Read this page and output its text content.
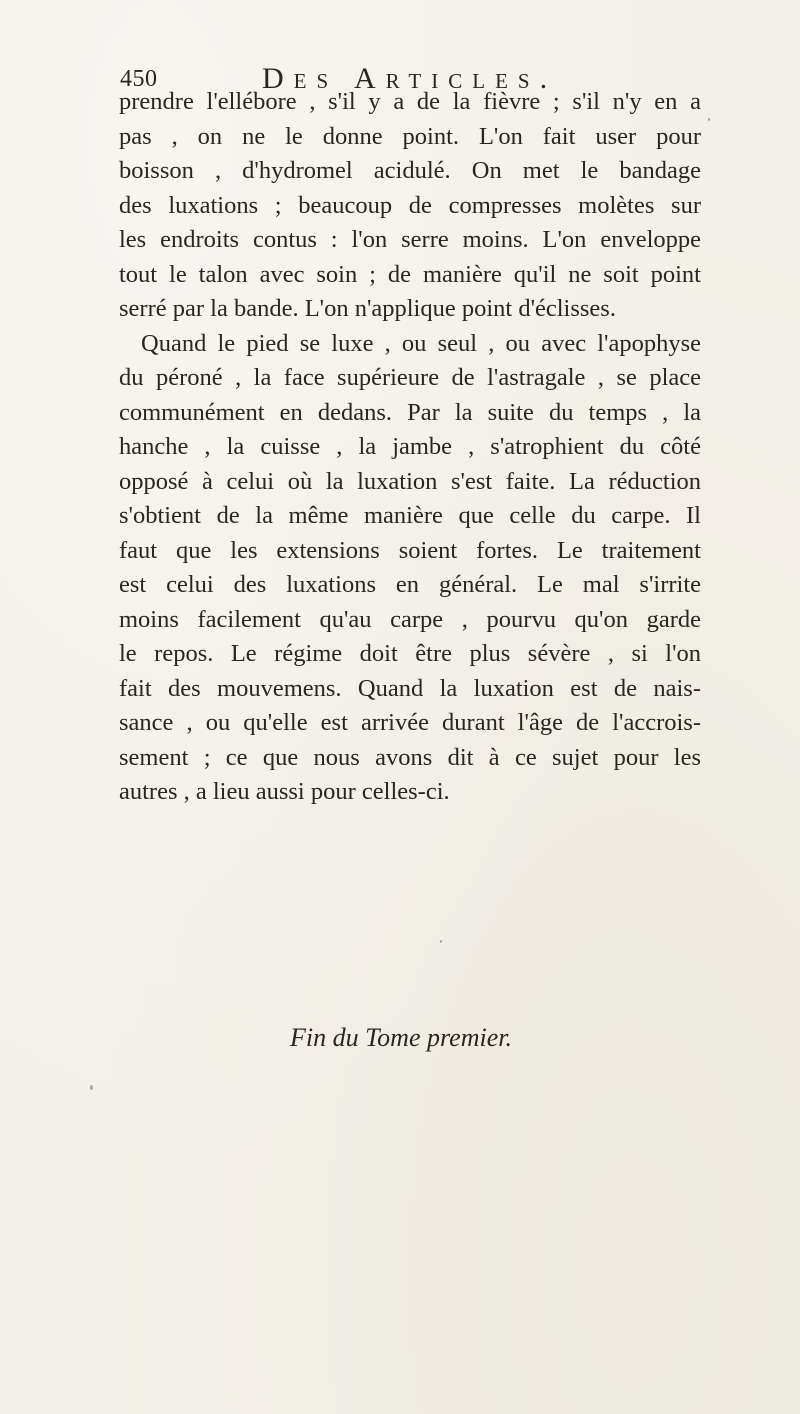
450	Des Articles.
prendre l'ellébore , s'il y a de la fièvre ; s'il n'y en a
pas , on ne le donne point. L'on fait user pour
boisson , d'hydromel acidulé. On met le bandage
des luxations ; beaucoup de compresses molètes sur
les endroits contus : l'on serre moins. L'on enveloppe
tout le talon avec soin ; de manière qu'il ne soit point
serré par la bande. L'on n'applique point d'éclisses.
Quand le pied se luxe , ou seul , ou avec l'apophyse
du péroné , la face supérieure de l'astragale , se place
communément en dedans. Par la suite du temps , la
hanche , la cuisse , la jambe , s'atrophient du côté
opposé à celui où la luxation s'est faite. La réduction
s'obtient de la même manière que celle du carpe. Il
faut que les extensions soient fortes. Le traitement
est celui des luxations en général. Le mal s'irrite
moins facilement qu'au carpe , pourvu qu'on garde
le repos. Le régime doit être plus sévère , si l'on
fait des mouvemens. Quand la luxation est de nais-
sance , ou qu'elle est arrivée durant l'âge de l'accrois-
sement ; ce que nous avons dit à ce sujet pour les
autres , a lieu aussi pour celles-ci.
Fin du Tome premier.
